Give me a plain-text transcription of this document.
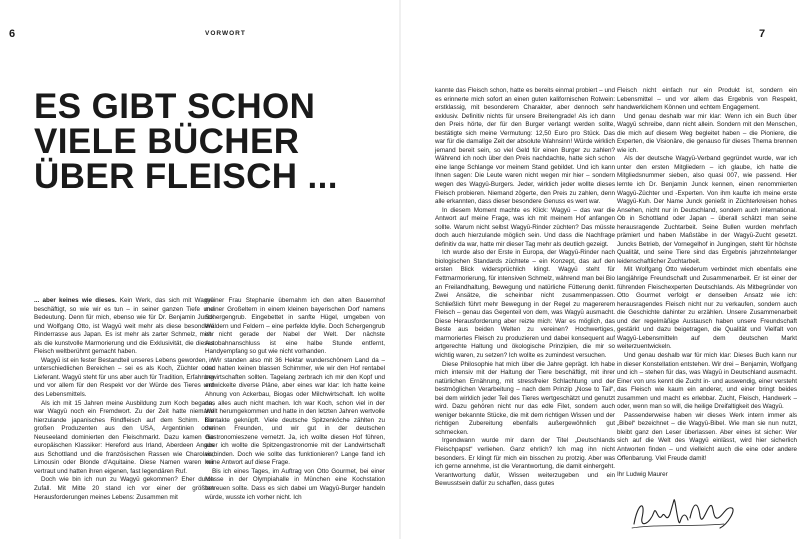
6	VORWORT	7
ES GIBT SCHON
VIELE BÜCHER
ÜBER FLEISCH ...

... aber keines wie dieses. Kein Werk, das sich mit Wagyū beschäftigt, so wie wir es tun – in seiner ganzen Tiefe und Bedeutung. Denn für mich, ebenso wie für Dr. Benjamin Junck und Wolfgang Otto, ist Wagyū weit mehr als diese besondere Rinderrasse aus Japan. Es ist mehr als zarter Schmelz, mehr als die kunstvolle Marmorierung und die Exklusivität, die dieses Fleisch weltberühmt gemacht haben.

Wagyū ist ein fester Bestandteil unseres Lebens geworden, in unterschiedlichen Bereichen – sei es als Koch, Züchter oder Lieferant. Wagyū steht für uns aber auch für Tradition, Erfahrung und vor allem für den Respekt vor der Würde des Tieres und des Lebensmittels.

Als ich mit 15 Jahren meine Ausbildung zum Koch begann, war Wagyū noch ein Fremdwort. Zu der Zeit hatte niemand hierzulande japanisches Rindfleisch auf dem Schirm. Die großen Produzenten aus den USA, Argentinien oder Neuseeland dominierten den Fleischmarkt. Dazu kamen die europäischen Klassiker: Hereford aus Irland, Aberdeen Angus aus Schottland und die französischen Rassen wie Charolais, Limousin oder Blonde d'Aquitaine. Diese Namen waren mir vertraut und hatten ihren eigenen, fast legendären Ruf.

Doch wie bin ich nun zu Wagyū gekommen? Eher durch Zufall. Mit Mitte 20 stand ich vor einer der größten Herausforderungen meines Lebens: Zusammen mit

meiner Frau Stephanie übernahm ich den alten Bauernhof meiner Großeltern in einem kleinen bayerischen Dorf namens Schergengrub. Eingebettet in sanfte Hügel, umgeben von Wäldern und Feldern – eine perfekte Idylle. Doch Schergengrub ist nicht gerade der Nabel der Welt. Der nächste Autobahnanschluss ist eine halbe Stunde entfernt, Handyempfang so gut wie nicht vorhanden.

Wir standen also mit 36 Hektar wunderschönem Land da – und hatten keinen blassen Schimmer, wie wir den Hof rentabel bewirtschaften sollten. Tagelang zerbrach ich mir den Kopf und entwickelte diverse Pläne, aber eines war klar: Ich hatte keine Ahnung von Ackerbau, Biogas oder Milchwirtschaft. Ich wollte das alles auch nicht machen. Ich war Koch, schon viel in der Welt herumgekommen und hatte in den letzten Jahren wertvolle Kontakte geknüpft. Viele deutsche Spitzenköche zählten zu meinen Freunden, und wir gut in der deutschen Gastronomieszene vernetzt. Ja, ich wollte diesen Hof führen, aber ich wollte die Spitzengastronomie mit der Landwirtschaft verbinden. Doch wie sollte das funktionieren? Lange fand ich keine Antwort auf diese Frage.

Bis ich eines Tages, im Auftrag von Otto Gourmet, bei einer Messe in der Olympiahalle in München eine Kochstation betreuen sollte. Dass es sich dabei um Wagyū-Burger handeln würde, wusste ich vorher nicht. Ich

kannte das Fleisch schon, hatte es bereits einmal probiert – und es erinnerte mich sofort an einen guten kalifornischen Rotwein: erstklassig, mit besonderem Charakter, aber dennoch sehr exklusiv. Definitiv nichts für unsere Breitengrade! Als ich dann den Preis hörte, der für den Burger verlangt werden sollte, bestätigte sich meine Vermutung: 12,50 Euro pro Stück. Das war für die damalige Zeit der absolute Wahnsinn! Würde wirklich jemand bereit sein, so viel Geld für einen Burger zu zahlen? Während ich noch über den Preis nachdachte, hatte sich schon eine lange Schlange vor meinem Stand gebildet. Und ich kann Ihnen sagen: Die Leute waren nicht wegen mir hier – sondern wegen des Wagyū-Burgers. Jeder, wirklich jeder wollte dieses Fleisch probieren. Niemand zögerte, den Preis zu zahlen, denn alle erkannten, dass dieser besondere Genuss es wert war.

In diesem Moment machte es Klick: Wagyū – das war die Antwort auf meine Frage, was ich mit meinem Hof anfangen sollte. Warum nicht selbst Wagyū-Rinder züchten? Das müsste doch auch hierzulande möglich sein. Und dass die Nachfrage definitiv da war, hatte mir dieser Tag mehr als deutlich gezeigt.

Ich wurde also der Erste in Europa, der Wagyū-Rinder nach biologischen Standards züchtete – ein Konzept, das auf den ersten Blick widersprüchlich klingt. Wagyū steht für Fettmarmorierung, für intensiven Schmelz, während man bei Bio an Freilandhaltung, Bewegung und natürliche Fütterung denkt. Zwei Ansätze, die scheinbar nicht zusammenpassen. Schließlich führt mehr Bewegung in der Regel zu magererem Fleisch – genau das Gegenteil von dem, was Wagyū ausmacht. Diese Herausforderung aber reizte mich: War es möglich, das Beste aus beiden Welten zu vereinen? Hochwertiges, marmoriertes Fleisch zu produzieren und dabei konsequent auf artgerechte Haltung und ökologische Prinzipien, die mir so wichtig waren, zu setzen? Ich wollte es zumindest versuchen.

Diese Philosophie hat mich über die Jahre geprägt. Ich habe mich intensiv mit der Haltung der Tiere beschäftigt, mit ihrer natürlichen Ernährung, mit stressfreier Schlachtung und der bestmöglichen Verarbeitung – nach dem Prinzip „Nose to Tail“, bei dem wirklich jeder Teil des Tieres wertgeschätzt und genutzt wird. Dazu gehören nicht nur das edle Filet, sondern auch weniger bekannte Stücke, die mit dem richtigen Wissen und der richtigen Zubereitung ebenfalls außergewöhnlich gut schmecken.

Irgendwann wurde mir dann der Titel „Deutschlands Fleischpapst“ verliehen. Ganz ehrlich? Ich mag ihn nicht besonders. Er klingt für mich ein bisschen zu protzig. Aber was ich gerne annehme, ist die Verantwortung, die damit einhergeht. Verantwortung dafür, Wissen weiterzugeben und ein Bewusstsein dafür zu schaffen, dass gutes

Fleisch nicht einfach nur ein Produkt ist, sondern ein Lebensmittel – und vor allem das Ergebnis von Respekt, handwerklichem Können und echtem Engagement.

Und genau deshalb war mir klar: Wenn ich ein Buch über Wagyū schreibe, dann nicht allein. Sondern mit den Menschen, die mich auf diesem Weg begleitet haben – die Pioniere, die Experten, die Visionäre, die genauso für dieses Thema brennen wie ich.

Als der deutsche Wagyū-Verband gegründet wurde, war ich unter den ersten Mitgliedern – ich glaube, ich hatte die Mitgliedsnummer sieben, also quasi 007, wie passend. Hier lernte ich Dr. Benjamin Junck kennen, einen renommierten Wagyū-Züchter und -Experten. Von ihm kaufte ich meine erste Wagyū-Kuh. Der Name Junck genießt in Züchterkreisen hohes Ansehen, nicht nur in Deutschland, sondern auch international. Ob in Schottland oder Japan – überall schätzt man seine herausragende Zuchtarbeit. Seine Bullen wurden mehrfach prämiert und haben Maßstäbe in der Wagyū-Zucht gesetzt. Juncks Betrieb, der Vornegelhof in Jungingen, steht für höchste Qualität, und seine Tiere sind das Ergebnis jahrzehntelanger leidenschaftlicher Zuchtarbeit.

Mit Wolfgang Otto wiederum verbindet mich ebenfalls eine langjährige Freundschaft und Zusammenarbeit. Er ist einer der führenden Fleischexperten Deutschlands. Als Mitbegründer von Otto Gourmet verfolgt er denselben Ansatz wie ich: herausragendes Fleisch nicht nur zu verkaufen, sondern auch die Geschichte dahinter zu erzählen. Unsere Zusammenarbeit und der regelmäßige Austausch haben unsere Freundschaft gestärkt und dazu beigetragen, die Qualität und Vielfalt von Wagyū-Lebensmitteln auf dem deutschen Markt weiterzuentwickeln.

Und genau deshalb war für mich klar: Dieses Buch kann nur in dieser Konstellation entstehen. Wir drei – Benjamin, Wolfgang und ich – stehen für das, was Wagyū in Deutschland ausmacht. Einer von uns kennt die Zucht in- und auswendig, einer versteht das Fleisch wie kaum ein anderer, und einer bringt beides zusammen und macht es erlebbar. Zucht, Fleisch, Handwerk – oder, wenn man so will, die heilige Dreifaltigkeit des Wagyū.

Passenderweise haben wir dieses Werk intern immer als „Bibel“ bezeichnet – die Wagyū-Bibel. Wie man sie nun nutzt, bleibt ganz den Leser überlassen. Aber eines ist sicher: Wer sich auf die Welt des Wagyū einlässt, wird hier sicherlich Antworten finden – und vielleicht auch die eine oder andere Offenbarung. Viel Freude damit!

Ihr Ludwig Maurer
